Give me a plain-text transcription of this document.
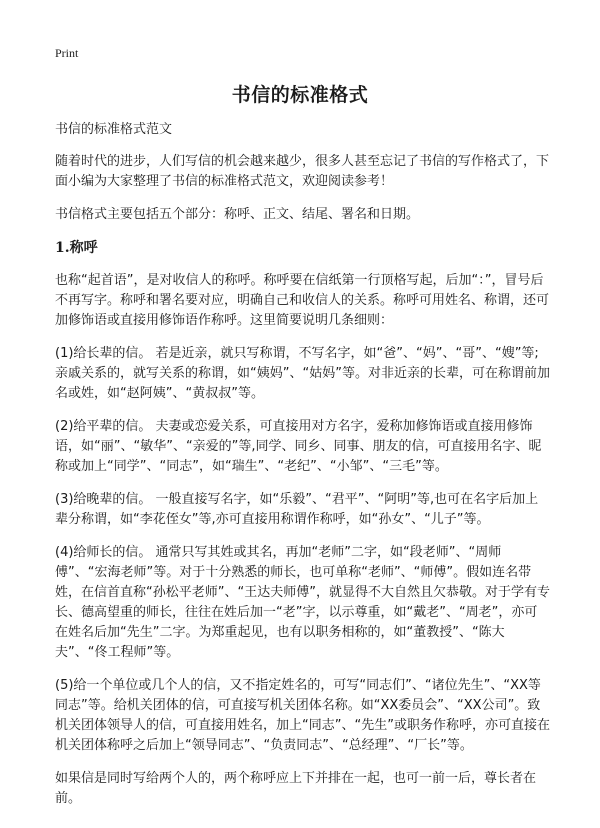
Print
书信的标准格式

书信的标准格式范文

随着时代的进步，人们写信的机会越来越少，很多人甚至忘记了书信的写作格式了，下面小编为大家整理了书信的标准格式范文，欢迎阅读参考！

书信格式主要包括五个部分：称呼、正文、结尾、署名和日期。

1.称呼

也称“起首语”，是对收信人的称呼。称呼要在信纸第一行顶格写起，后加“：”，冒号后不再写字。称呼和署名要对应，明确自己和收信人的关系。称呼可用姓名、称谓，还可加修饰语或直接用修饰语作称呼。这里简要说明几条细则：

(1)给长辈的信。 若是近亲，就只写称谓，不写名字，如“爸”、“妈”、“哥”、“嫂”等;亲戚关系的，就写关系的称谓，如“姨妈”、“姑妈”等。对非近亲的长辈，可在称谓前加名或姓，如“赵阿姨”、“黄叔叔”等。

(2)给平辈的信。 夫妻或恋爱关系，可直接用对方名字，爱称加修饰语或直接用修饰语，如“丽”、“敏华”、“亲爱的”等,同学、同乡、同事、朋友的信，可直接用名字、昵称或加上“同学”、“同志”，如“瑞生”、“老纪”、“小邹”、“三毛”等。

(3)给晚辈的信。 一般直接写名字，如“乐毅”、“君平”、“阿明”等,也可在名字后加上辈分称谓，如“李花侄女”等,亦可直接用称谓作称呼，如“孙女”、“儿子”等。

(4)给师长的信。 通常只写其姓或其名，再加“老师”二字，如“段老师”、“周师傅”、“宏海老师”等。对于十分熟悉的师长，也可单称“老师”、“师傅”。假如连名带姓，在信首直称“孙松平老师”、“王达夫师傅”，就显得不大自然且欠恭敬。对于学有专长、德高望重的师长，往往在姓后加一“老”字，以示尊重，如“戴老”、“周老”，亦可在姓名后加“先生”二字。为郑重起见，也有以职务相称的，如“董教授”、“陈大夫”、“佟工程师”等。

(5)给一个单位或几个人的信，又不指定姓名的，可写“同志们”、“诸位先生”、“XX等同志”等。给机关团体的信，可直接写机关团体名称。如“XX委员会”、“XX公司”。致机关团体领导人的信，可直接用姓名，加上“同志”、“先生”或职务作称呼，亦可直接在机关团体称呼之后加上“领导同志”、“负责同志”、“总经理”、“厂长”等。

如果信是同时写给两个人的，两个称呼应上下并排在一起，也可一前一后，尊长者在前。
